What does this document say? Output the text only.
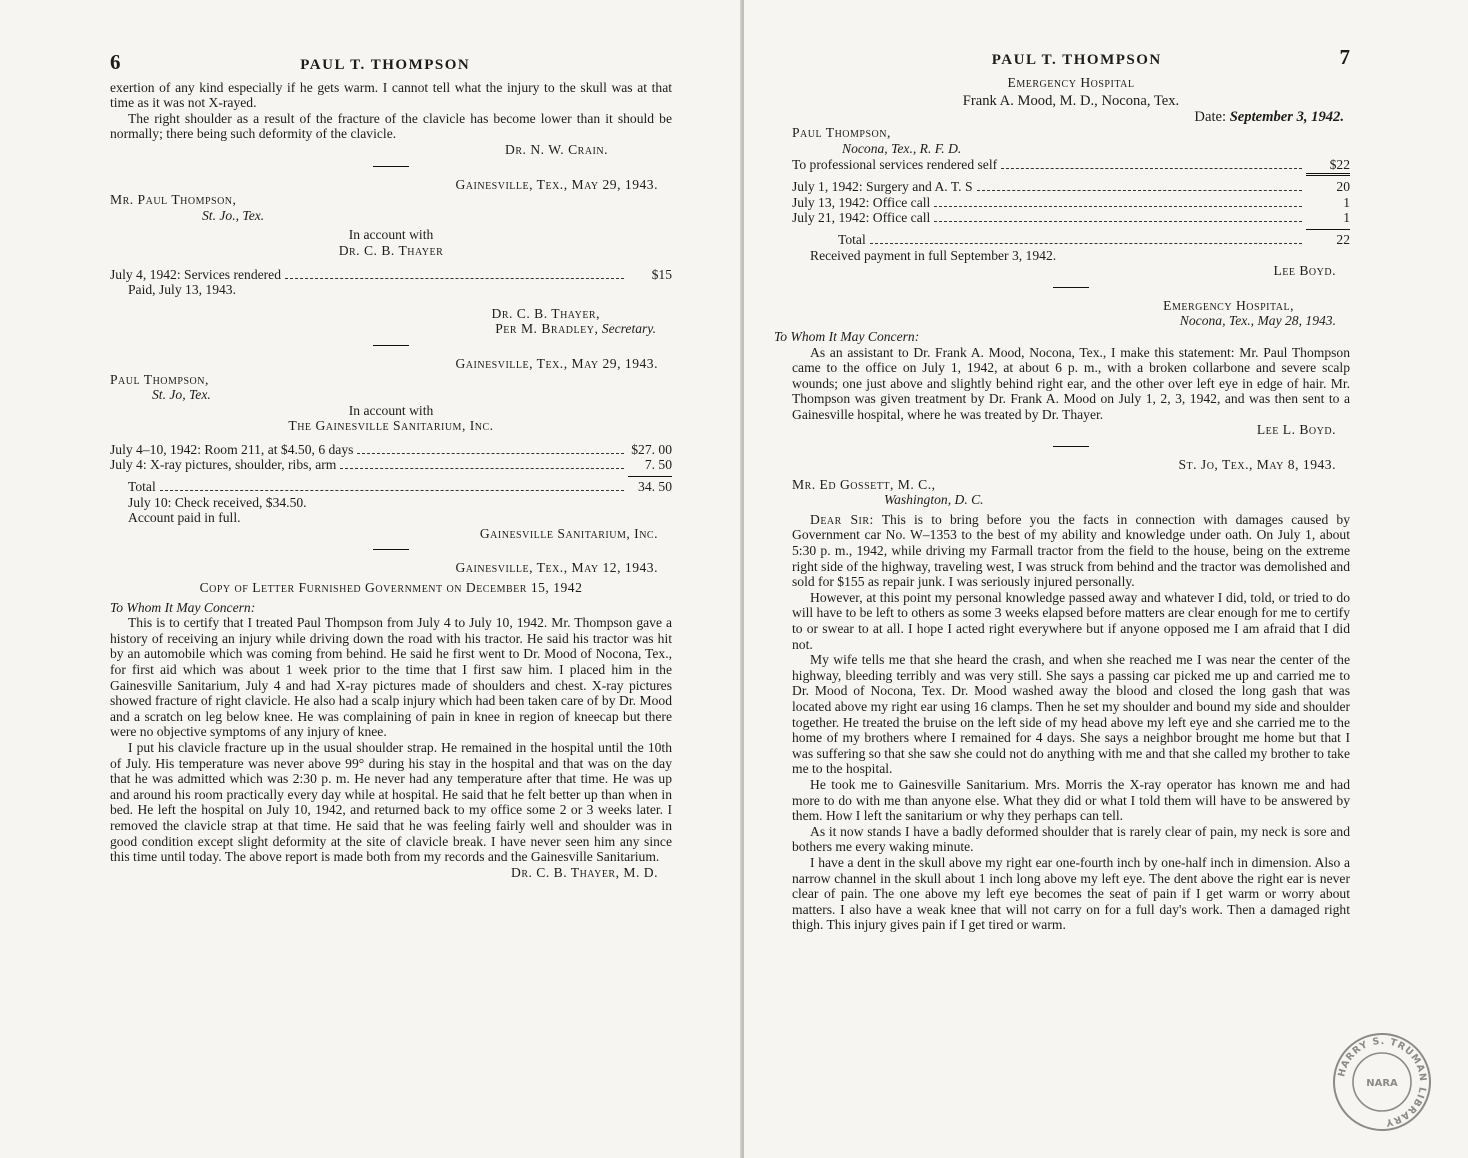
6	PAUL T. THOMPSON

exertion of any kind especially if he gets warm. I cannot tell what the injury to the skull was at that time as it was not X-rayed.

The right shoulder as a result of the fracture of the clavicle has become lower than it should be normally; there being such deformity of the clavicle.

Dr. N. W. Crain.

Gainesville, Tex., May 29, 1943.

Mr. Paul Thompson,

St. Jo., Tex.

In account with

Dr. C. B. Thayer

July 4, 1942: Services rendered	$15

Paid, July 13, 1943.

Dr. C. B. Thayer,

Per M. Bradley, Secretary.

Gainesville, Tex., May 29, 1943.

Paul Thompson,

St. Jo, Tex.

In account with

The Gainesville Sanitarium, Inc.

July 4–10, 1942: Room 211, at $4.50, 6 days	$27. 00
July 4: X-ray pictures, shoulder, ribs, arm	7. 50
Total	34. 50

July 10: Check received, $34.50.

Account paid in full.

Gainesville Sanitarium, Inc.

Gainesville, Tex., May 12, 1943.

Copy of Letter Furnished Government on December 15, 1942

To Whom It May Concern:

This is to certify that I treated Paul Thompson from July 4 to July 10, 1942. Mr. Thompson gave a history of receiving an injury while driving down the road with his tractor. He said his tractor was hit by an automobile which was coming from behind. He said he first went to Dr. Mood of Nocona, Tex., for first aid which was about 1 week prior to the time that I first saw him. I placed him in the Gainesville Sanitarium, July 4 and had X-ray pictures made of shoulders and chest. X-ray pictures showed fracture of right clavicle. He also had a scalp injury which had been taken care of by Dr. Mood and a scratch on leg below knee. He was complaining of pain in knee in region of kneecap but there were no objective symptoms of any injury of knee.

I put his clavicle fracture up in the usual shoulder strap. He remained in the hospital until the 10th of July. His temperature was never above 99° during his stay in the hospital and that was on the day that he was admitted which was 2:30 p. m. He never had any temperature after that time. He was up and around his room practically every day while at hospital. He said that he felt better up than when in bed. He left the hospital on July 10, 1942, and returned back to my office some 2 or 3 weeks later. I removed the clavicle strap at that time. He said that he was feeling fairly well and shoulder was in good condition except slight deformity at the site of clavicle break. I have never seen him any since this time until today. The above report is made both from my records and the Gainesville Sanitarium.

Dr. C. B. Thayer, M. D.

PAUL T. THOMPSON	7

Emergency Hospital

Frank A. Mood, M. D., Nocona, Tex.

Date: September 3, 1942.

Paul Thompson,

Nocona, Tex., R. F. D.

To professional services rendered self	$22
July 1, 1942: Surgery and A. T. S	20
July 13, 1942: Office call	1
July 21, 1942: Office call	1
Total	22

Received payment in full September 3, 1942.

Lee Boyd.

Emergency Hospital,

Nocona, Tex., May 28, 1943.

To Whom It May Concern:

As an assistant to Dr. Frank A. Mood, Nocona, Tex., I make this statement: Mr. Paul Thompson came to the office on July 1, 1942, at about 6 p. m., with a broken collarbone and severe scalp wounds; one just above and slightly behind right ear, and the other over left eye in edge of hair. Mr. Thompson was given treatment by Dr. Frank A. Mood on July 1, 2, 3, 1942, and was then sent to a Gainesville hospital, where he was treated by Dr. Thayer.

Lee L. Boyd.

St. Jo, Tex., May 8, 1943.

Mr. Ed Gossett, M. C.,

Washington, D. C.

Dear Sir: This is to bring before you the facts in connection with damages caused by Government car No. W–1353 to the best of my ability and knowledge under oath. On July 1, about 5:30 p. m., 1942, while driving my Farmall tractor from the field to the house, being on the extreme right side of the highway, traveling west, I was struck from behind and the tractor was demolished and sold for $155 as repair junk. I was seriously injured personally.

However, at this point my personal knowledge passed away and whatever I did, told, or tried to do will have to be left to others as some 3 weeks elapsed before matters are clear enough for me to certify to or swear to at all. I hope I acted right everywhere but if anyone opposed me I am afraid that I did not.

My wife tells me that she heard the crash, and when she reached me I was near the center of the highway, bleeding terribly and was very still. She says a passing car picked me up and carried me to Dr. Mood of Nocona, Tex. Dr. Mood washed away the blood and closed the long gash that was located above my right ear using 16 clamps. Then he set my shoulder and bound my side and shoulder together. He treated the bruise on the left side of my head above my left eye and she carried me to the home of my brothers where I remained for 4 days. She says a neighbor brought me home but that I was suffering so that she saw she could not do anything with me and that she called my brother to take me to the hospital.

He took me to Gainesville Sanitarium. Mrs. Morris the X-ray operator has known me and had more to do with me than anyone else. What they did or what I told them will have to be answered by them. How I left the sanitarium or why they perhaps can tell.

As it now stands I have a badly deformed shoulder that is rarely clear of pain, my neck is sore and bothers me every waking minute.

I have a dent in the skull above my right ear one-fourth inch by one-half inch in dimension. Also a narrow channel in the skull about 1 inch long above my left eye. The dent above the right ear is never clear of pain. The one above my left eye becomes the seat of pain if I get warm or worry about matters. I also have a weak knee that will not carry on for a full day's work. Then a damaged right thigh. This injury gives pain if I get tired or warm.

HARRY S. TRUMAN LIBRARY
NARA
